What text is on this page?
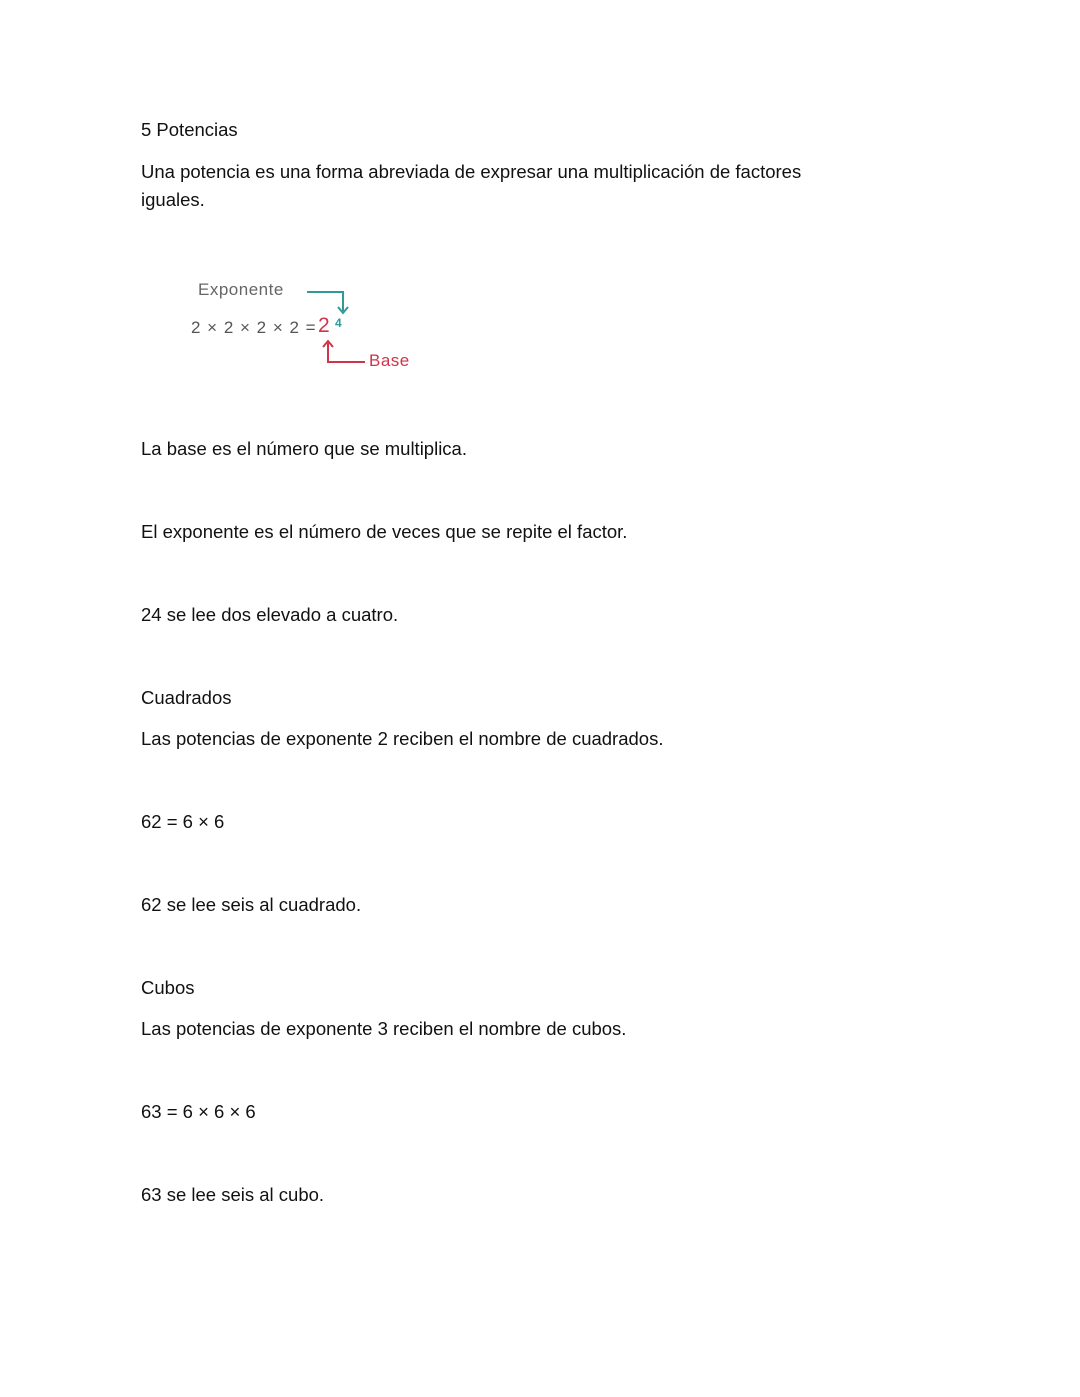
5 Potencias

Una potencia es una forma abreviada de expresar una multiplicación de factores iguales.

Exponente
2 × 2 × 2 × 2 = 2 4
Base

La base es el número que se multiplica.

El exponente es el número de veces que se repite el factor.

24 se lee dos elevado a cuatro.

Cuadrados

Las potencias de exponente 2 reciben el nombre de cuadrados.

62 = 6 × 6

62 se lee seis al cuadrado.

Cubos

Las potencias de exponente 3 reciben el nombre de cubos.

63 = 6 × 6 × 6

63 se lee seis al cubo.
